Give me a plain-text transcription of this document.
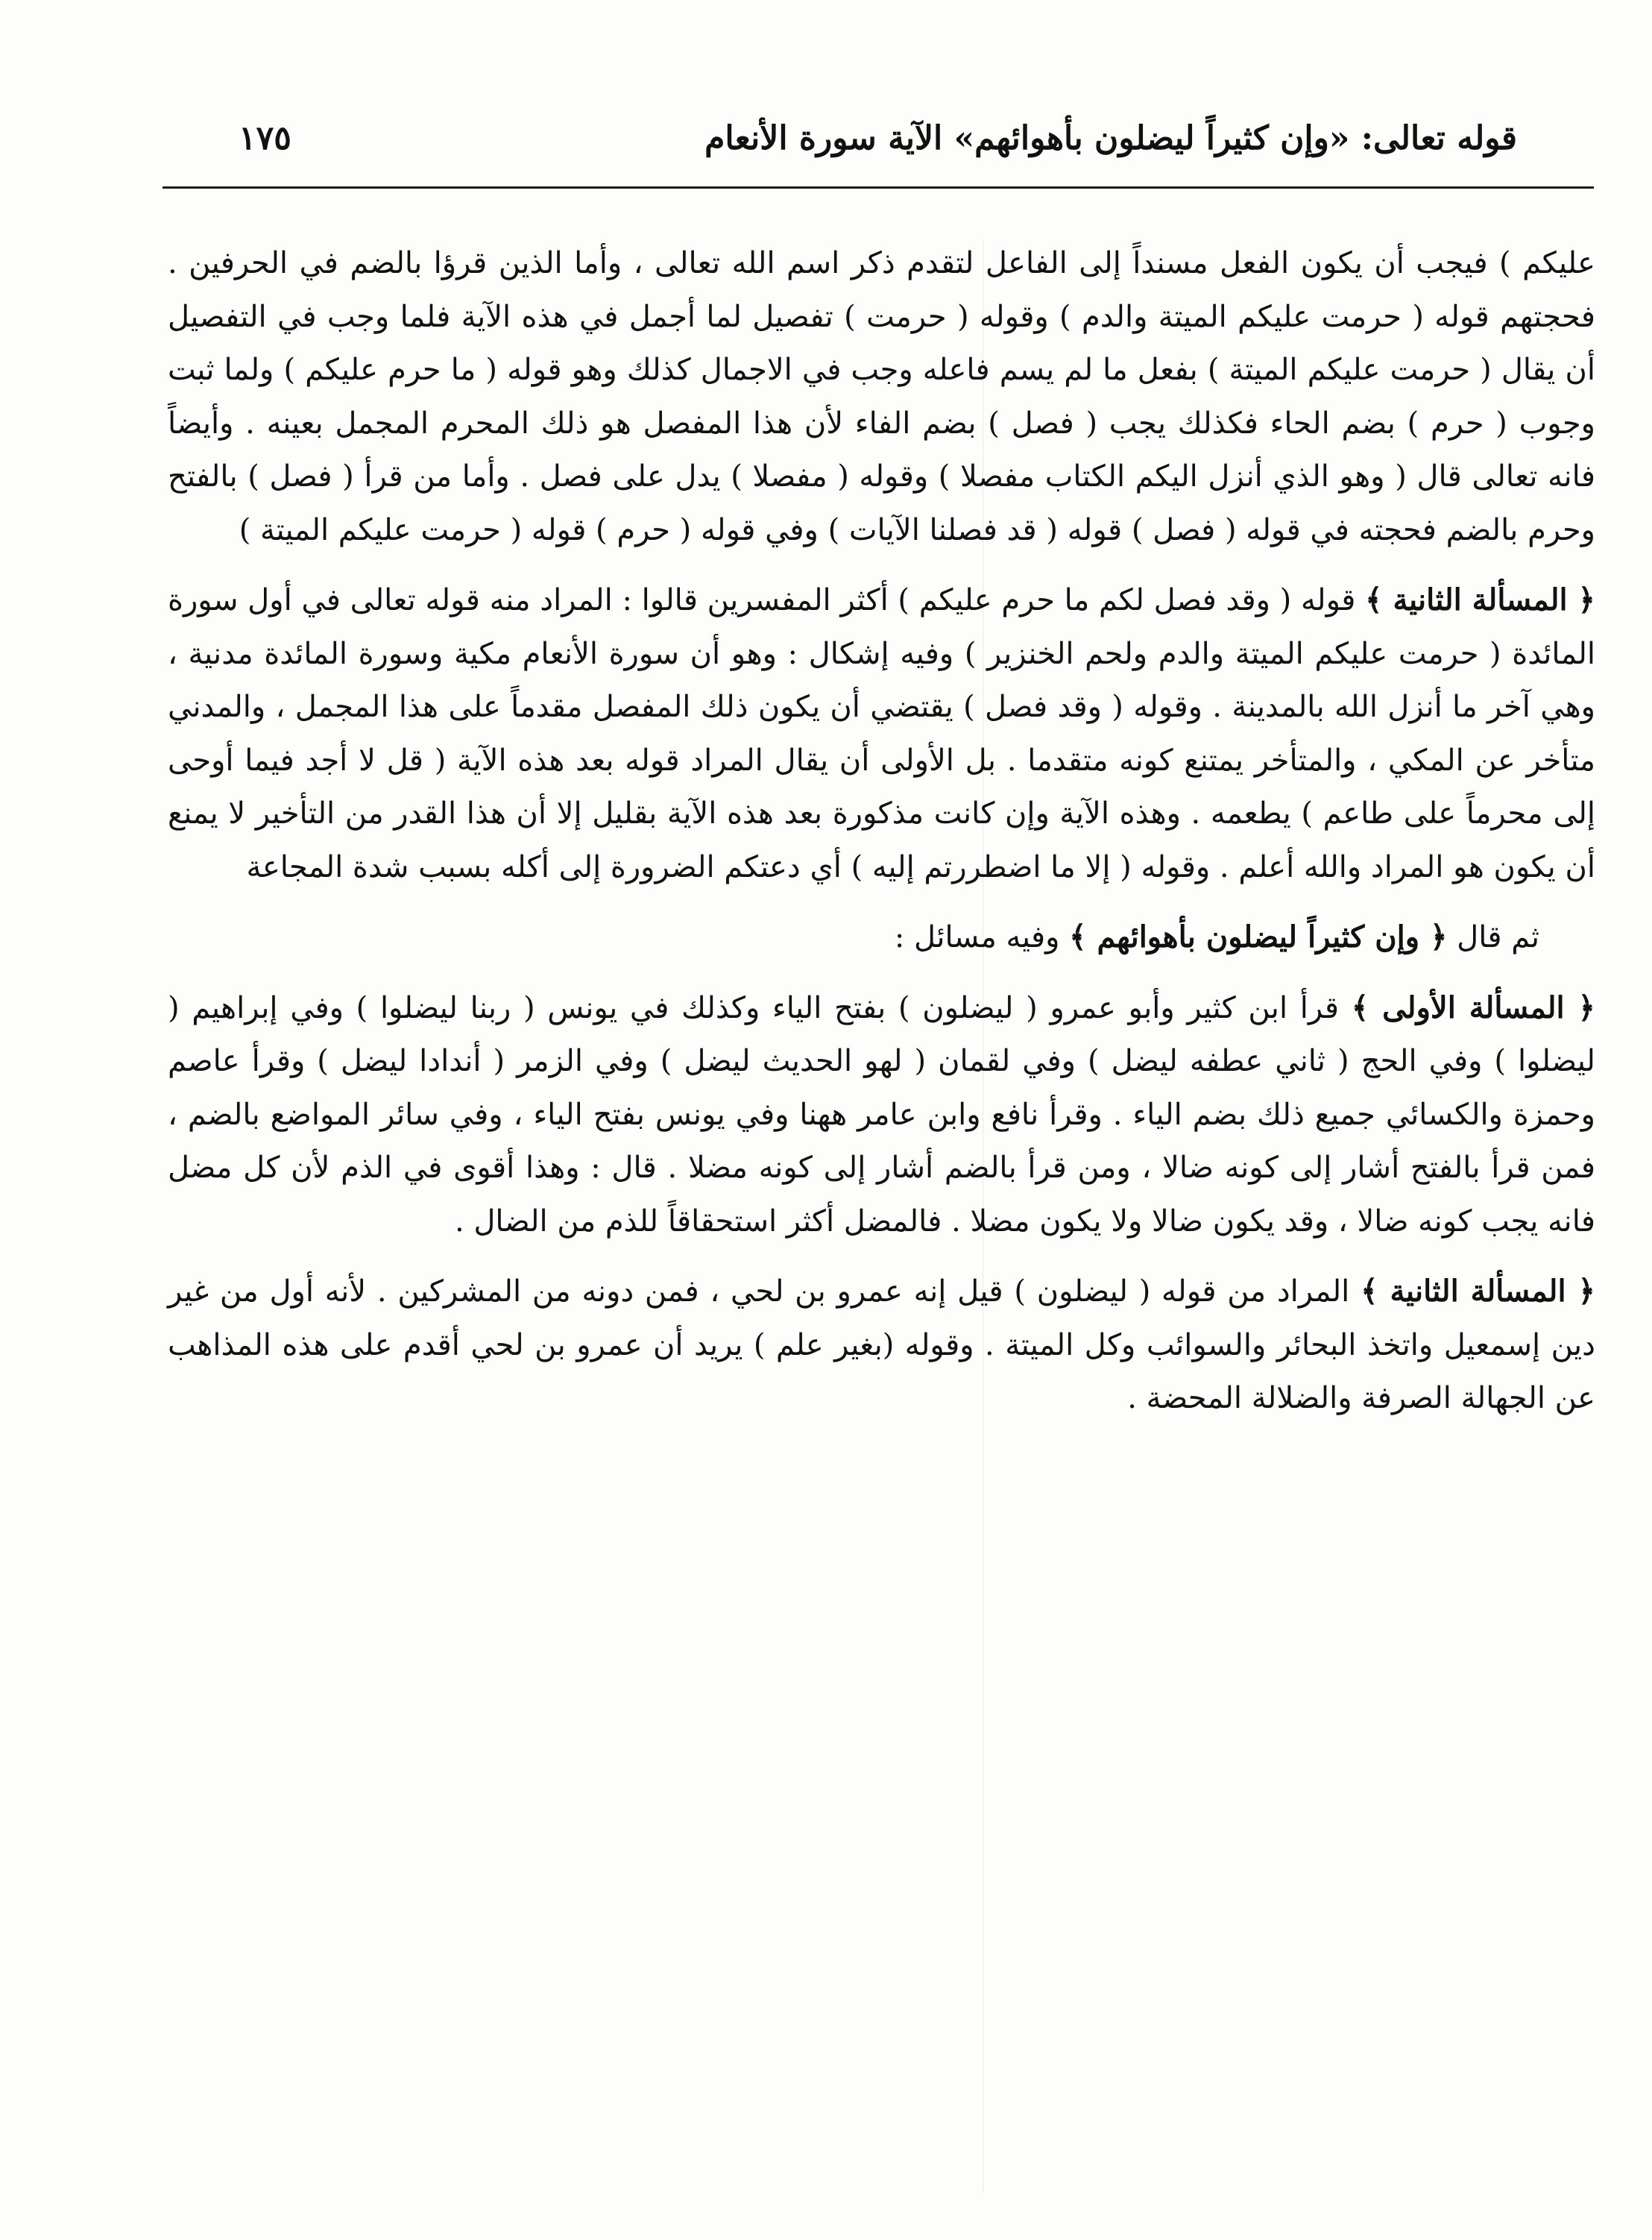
قوله تعالى: «وإن كثيراً ليضلون بأهوائهم» الآية سورة الأنعام
١٧٥

عليكم ) فيجب أن يكون الفعل مسنداً إلى الفاعل لتقدم ذكر اسم الله تعالى ، وأما الذين قرؤا بالضم في الحرفين . فحجتهم قوله ( حرمت عليكم الميتة والدم ) وقوله ( حرمت ) تفصيل لما أجمل في هذه الآية فلما وجب في التفصيل أن يقال ( حرمت عليكم الميتة ) بفعل ما لم يسم فاعله وجب في الاجمال كذلك وهو قوله ( ما حرم عليكم ) ولما ثبت وجوب ( حرم ) بضم الحاء فكذلك يجب ( فصل ) بضم الفاء لأن هذا المفصل هو ذلك المحرم المجمل بعينه . وأيضاً فانه تعالى قال ( وهو الذي أنزل اليكم الكتاب مفصلا ) وقوله ( مفصلا ) يدل على فصل . وأما من قرأ ( فصل ) بالفتح وحرم بالضم فحجته في قوله ( فصل ) قوله ( قد فصلنا الآيات ) وفي قوله ( حرم ) قوله ( حرمت عليكم الميتة )

﴿ المسألة الثانية ﴾ قوله ( وقد فصل لكم ما حرم عليكم ) أكثر المفسرين قالوا : المراد منه قوله تعالى في أول سورة المائدة ( حرمت عليكم الميتة والدم ولحم الخنزير ) وفيه إشكال : وهو أن سورة الأنعام مكية وسورة المائدة مدنية ، وهي آخر ما أنزل الله بالمدينة . وقوله ( وقد فصل ) يقتضي أن يكون ذلك المفصل مقدماً على هذا المجمل ، والمدني متأخر عن المكي ، والمتأخر يمتنع كونه متقدما . بل الأولى أن يقال المراد قوله بعد هذه الآية ( قل لا أجد فيما أوحى إلى محرماً على طاعم ) يطعمه . وهذه الآية وإن كانت مذكورة بعد هذه الآية بقليل إلا أن هذا القدر من التأخير لا يمنع أن يكون هو المراد والله أعلم . وقوله ( إلا ما اضطررتم إليه ) أي دعتكم الضرورة إلى أكله بسبب شدة المجاعة

ثم قال ﴿ وإن كثيراً ليضلون بأهوائهم ﴾ وفيه مسائل :

﴿ المسألة الأولى ﴾ قرأ ابن كثير وأبو عمرو ( ليضلون ) بفتح الياء وكذلك في يونس ( ربنا ليضلوا ) وفي إبراهيم ( ليضلوا ) وفي الحج ( ثاني عطفه ليضل ) وفي لقمان ( لهو الحديث ليضل ) وفي الزمر ( أندادا ليضل ) وقرأ عاصم وحمزة والكسائي جميع ذلك بضم الياء . وقرأ نافع وابن عامر ههنا وفي يونس بفتح الياء ، وفي سائر المواضع بالضم ، فمن قرأ بالفتح أشار إلى كونه ضالا ، ومن قرأ بالضم أشار إلى كونه مضلا . قال : وهذا أقوى في الذم لأن كل مضل فانه يجب كونه ضالا ، وقد يكون ضالا ولا يكون مضلا . فالمضل أكثر استحقاقاً للذم من الضال .

﴿ المسألة الثانية ﴾ المراد من قوله ( ليضلون ) قيل إنه عمرو بن لحي ، فمن دونه من المشركين . لأنه أول من غير دين إسمعيل واتخذ البحائر والسوائب وكل الميتة . وقوله (بغير علم ) يريد أن عمرو بن لحي أقدم على هذه المذاهب عن الجهالة الصرفة والضلالة المحضة .
